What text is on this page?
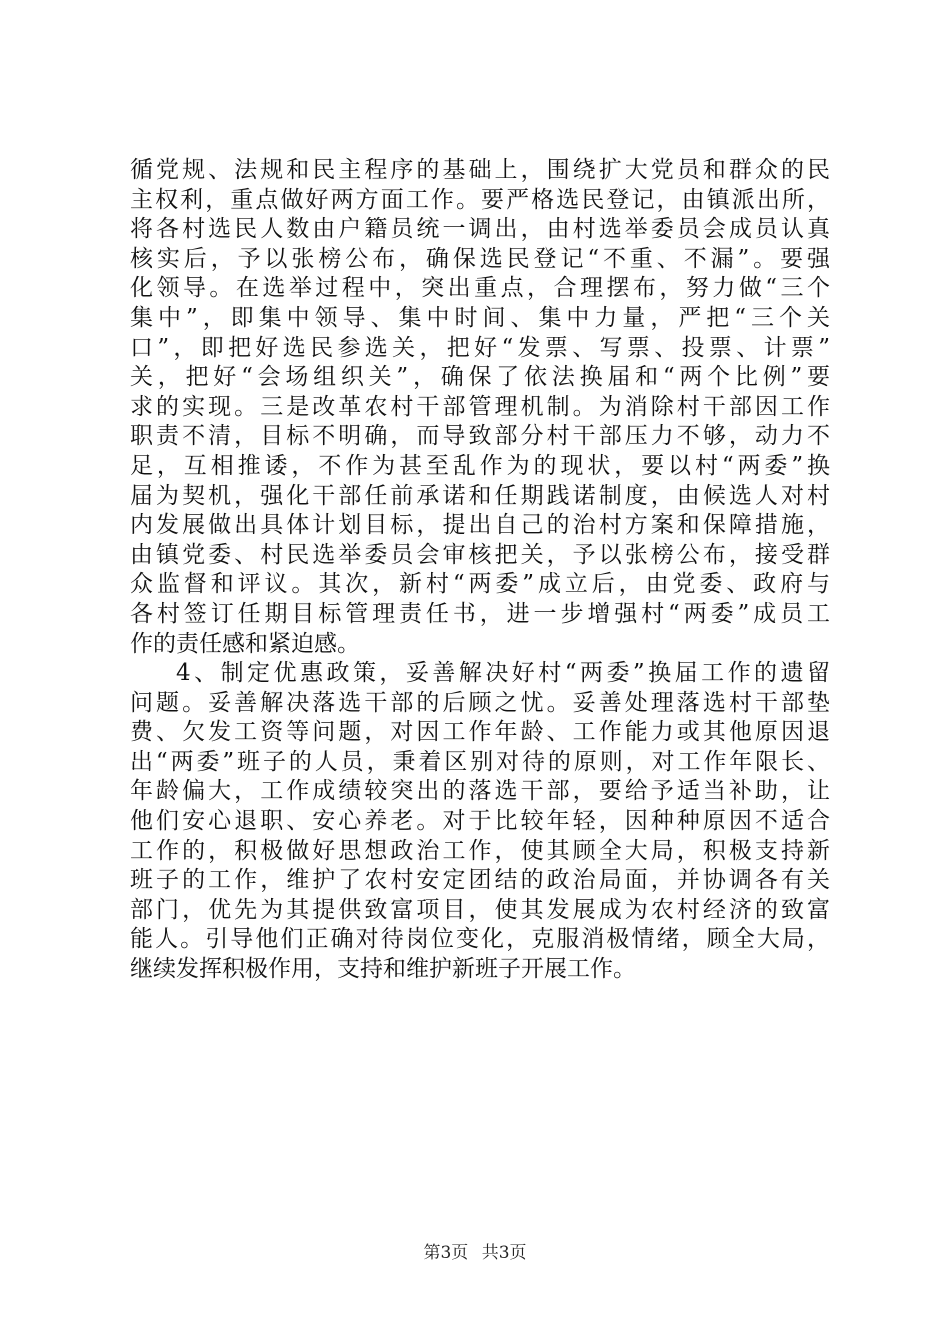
循党规、法规和民主程序的基础上，围绕扩大党员和群众的民
主权利，重点做好两方面工作。要严格选民登记，由镇派出所，
将各村选民人数由户籍员统一调出，由村选举委员会成员认真
核实后，予以张榜公布，确保选民登记“不重、不漏”。要强
化领导。在选举过程中，突出重点，合理摆布，努力做“三个
集中”，即集中领导、集中时间、集中力量，严把“三个关
口”，即把好选民参选关，把好“发票、写票、投票、计票”
关，把好“会场组织关”，确保了依法换届和“两个比例”要
求的实现。三是改革农村干部管理机制。为消除村干部因工作
职责不清，目标不明确，而导致部分村干部压力不够，动力不
足，互相推诿，不作为甚至乱作为的现状，要以村“两委”换
届为契机，强化干部任前承诺和任期践诺制度，由候选人对村
内发展做出具体计划目标，提出自己的治村方案和保障措施，
由镇党委、村民选举委员会审核把关，予以张榜公布，接受群
众监督和评议。其次，新村“两委”成立后，由党委、政府与
各村签订任期目标管理责任书，进一步增强村“两委”成员工
作的责任感和紧迫感。
4、制定优惠政策，妥善解决好村“两委”换届工作的遗留
问题。妥善解决落选干部的后顾之忧。妥善处理落选村干部垫
费、欠发工资等问题，对因工作年龄、工作能力或其他原因退
出“两委”班子的人员，秉着区别对待的原则，对工作年限长、
年龄偏大，工作成绩较突出的落选干部，要给予适当补助，让
他们安心退职、安心养老。对于比较年轻，因种种原因不适合
工作的，积极做好思想政治工作，使其顾全大局，积极支持新
班子的工作，维护了农村安定团结的政治局面，并协调各有关
部门，优先为其提供致富项目，使其发展成为农村经济的致富
能人。引导他们正确对待岗位变化，克服消极情绪，顾全大局，
继续发挥积极作用，支持和维护新班子开展工作。
第3页 共3页
